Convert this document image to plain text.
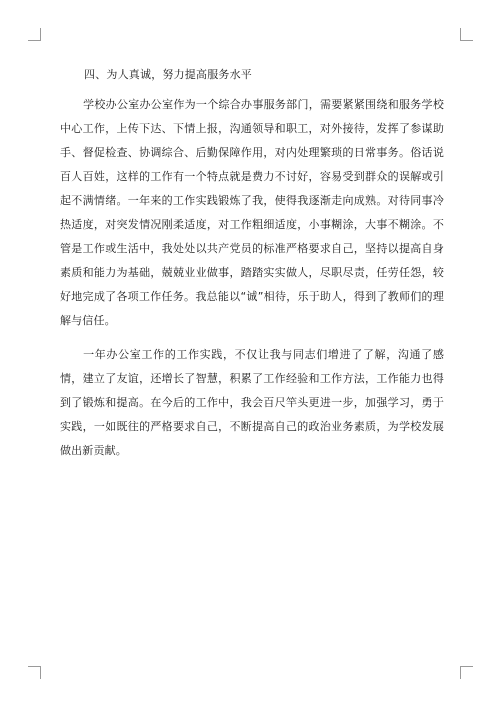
四、为人真诚，努力提高服务水平

学校办公室办公室作为一个综合办事服务部门，需要紧紧围绕和服务学校中心工作，上传下达、下情上报，沟通领导和职工，对外接待，发挥了参谋助手、督促检查、协调综合、后勤保障作用，对内处理繁琐的日常事务。俗话说百人百姓，这样的工作有一个特点就是费力不讨好，容易受到群众的误解或引起不满情绪。一年来的工作实践锻炼了我，使得我逐渐走向成熟。对待同事冷热适度，对突发情况刚柔适度，对工作粗细适度，小事糊涂，大事不糊涂。不管是工作或生活中，我处处以共产党员的标准严格要求自己，坚持以提高自身素质和能力为基础，兢兢业业做事，踏踏实实做人，尽职尽责，任劳任怨，较好地完成了各项工作任务。我总能以“诚”相待，乐于助人，得到了教师们的理解与信任。

一年办公室工作的工作实践，不仅让我与同志们增进了了解，沟通了感情，建立了友谊，还增长了智慧，积累了工作经验和工作方法，工作能力也得到了锻炼和提高。在今后的工作中，我会百尺竿头更进一步，加强学习，勇于实践，一如既往的严格要求自己，不断提高自己的政治业务素质，为学校发展做出新贡献。
